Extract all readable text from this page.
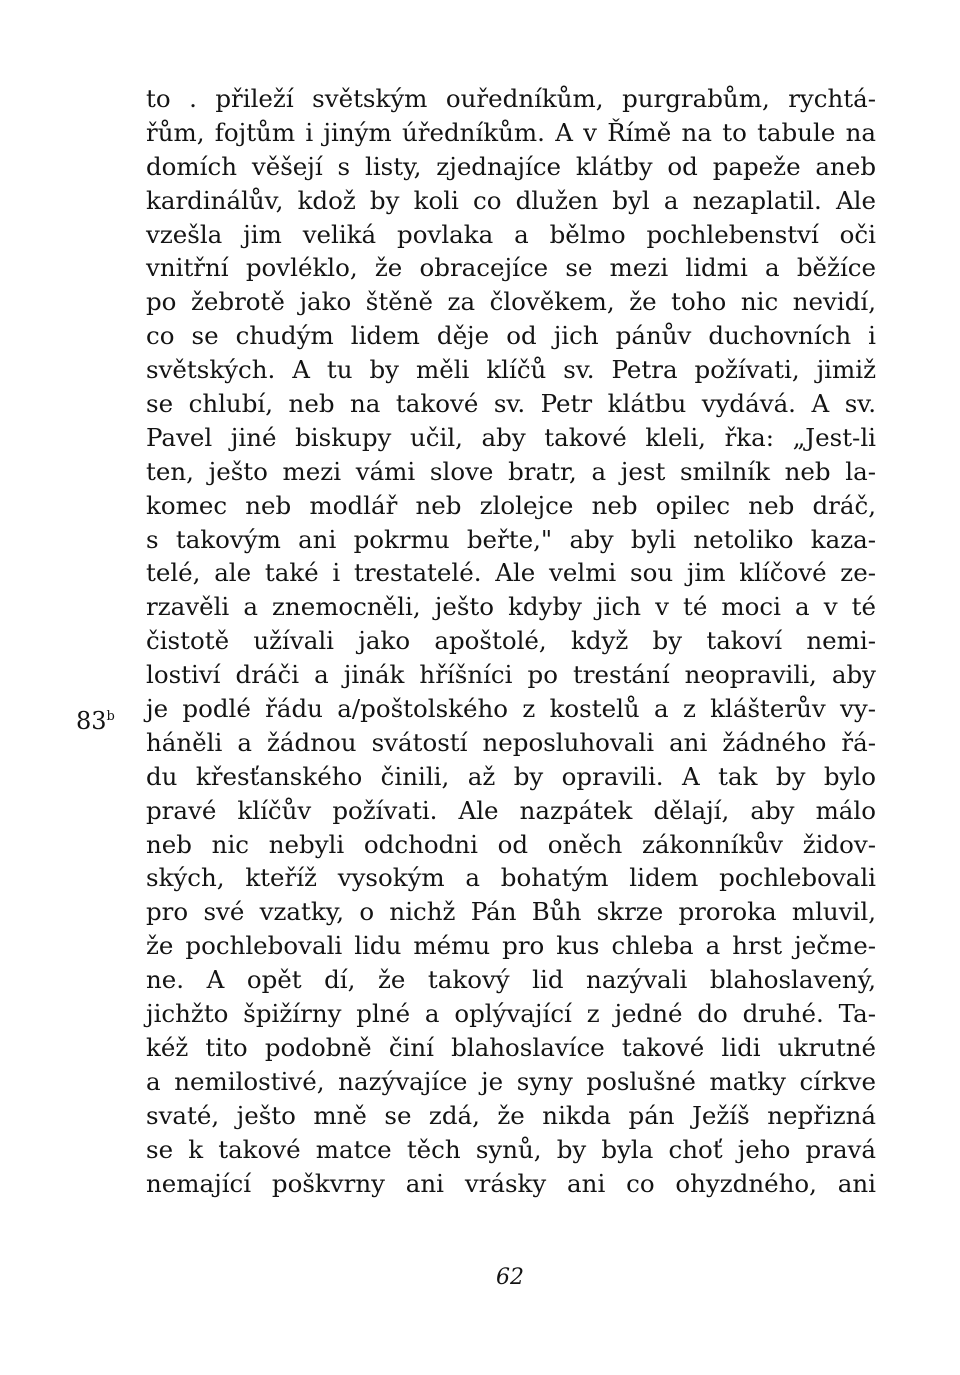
to . přileží světským ouředníkům, purgrabům, rychtá-
řům, fojtům i jiným úředníkům. A v Římě na to tabule na
domích věšejí s listy, zjednajíce klátby od papeže aneb
kardinálův, kdož by koli co dlužen byl a nezaplatil. Ale
vzešla jim veliká povlaka a bělmo pochlebenství oči
vnitřní povléklo, že obracejíce se mezi lidmi a běžíce
po žebrotě jako štěně za člověkem, že toho nic nevidí,
co se chudým lidem děje od jich pánův duchovních i
světských. A tu by měli klíčů sv. Petra požívati, jimiž
se chlubí, neb na takové sv. Petr klátbu vydává. A sv.
Pavel jiné biskupy učil, aby takové kleli, řka: „Jest-li
ten, ješto mezi vámi slove bratr, a jest smilník neb la-
komec neb modlář neb zlolejce neb opilec neb dráč,
s takovým ani pokrmu beřte," aby byli netoliko kaza-
telé, ale také i trestatelé. Ale velmi sou jim klíčové ze-
rzavěli a znemocněli, ješto kdyby jich v té moci a v té
čistotě užívali jako apoštolé, když by takoví nemi-
lostiví dráči a jinák hříšníci po trestání neopravili, aby
je podlé řádu a/poštolského z kostelů a z klášterův vy-
háněli a žádnou svátostí neposluhovali ani žádného řá-
du křesťanského činili, až by opravili. A tak by bylo
pravé klíčův požívati. Ale nazpátek dělají, aby málo
neb nic nebyli odchodni od oněch zákonníkův židov-
ských, kteříž vysokým a bohatým lidem pochlebovali
pro své vzatky, o nichž Pán Bůh skrze proroka mluvil,
že pochlebovali lidu mému pro kus chleba a hrst ječme-
ne. A opět dí, že takový lid nazývali blahoslavený,
jichžto špižírny plné a oplývající z jedné do druhé. Ta-
kéž tito podobně činí blahoslavíce takové lidi ukrutné
a nemilostivé, nazývajíce je syny poslušné matky církve
svaté, ješto mně se zdá, že nikda pán Ježíš nepřizná
se k takové matce těch synů, by byla choť jeho pravá
nemající poškvrny ani vrásky ani co ohyzdného, ani
83$^b$
62
